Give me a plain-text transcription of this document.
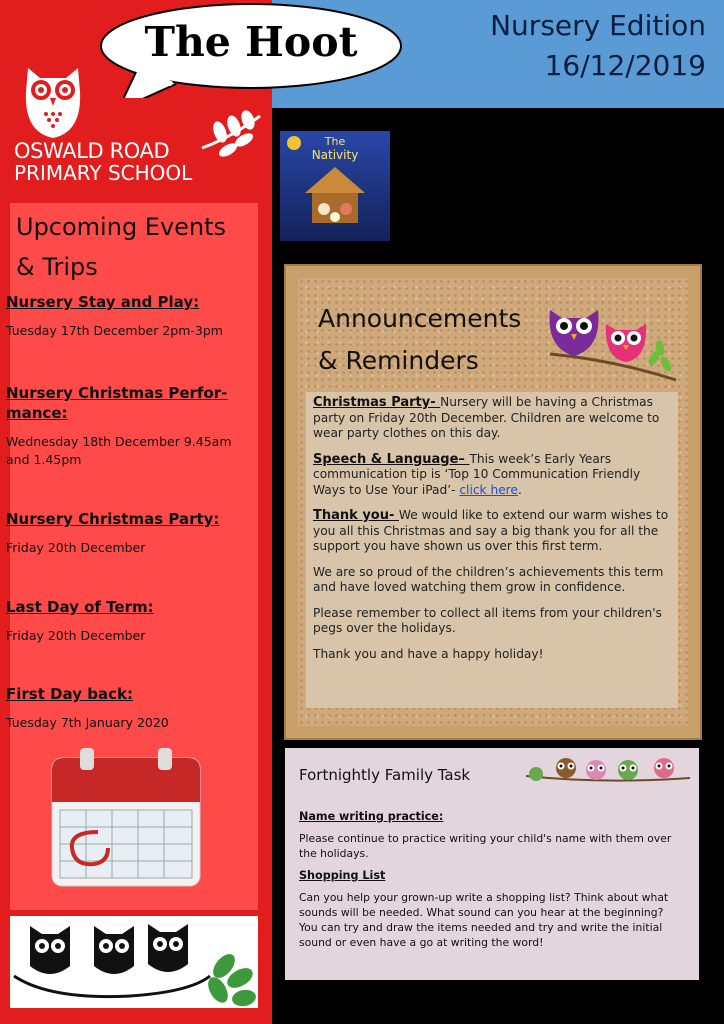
Nursery Edition
16/12/2019
The Hoot
OSWALD ROAD
PRIMARY SCHOOL
Upcoming Events
& Trips
Nursery Stay and Play:
Tuesday 17th December 2pm-3pm
Nursery Christmas Perfor-mance:
Wednesday 18th December 9.45am and 1.45pm
Nursery Christmas Party:
Friday 20th December
Last Day of Term:
Friday 20th December
First Day back:
Tuesday 7th January 2020
The
Nativity
Announcements
& Reminders

Christmas Party- Nursery will be having a Christmas party on Friday 20th December. Children are welcome to wear party clothes on this day.

Speech & Language– This week’s Early Years communication tip is ‘Top 10 Communication Friendly Ways to Use Your iPad’- click here.

Thank you- We would like to extend our warm wishes to you all this Christmas and say a big thank you for all the support you have shown us over this first term.

We are so proud of the children’s achievements this term and have loved watching them grow in confidence.

Please remember to collect all items from your children's pegs over the holidays.

Thank you and have a happy holiday!

Fortnightly Family Task
Name writing practice:
Please continue to practice writing your child's name with them over the holidays.
Shopping List
Can you help your grown-up write a shopping list? Think about what sounds will be needed. What sound can you hear at the beginning? You can try and draw the items needed and try and write the initial sound or even have a go at writing the word!
